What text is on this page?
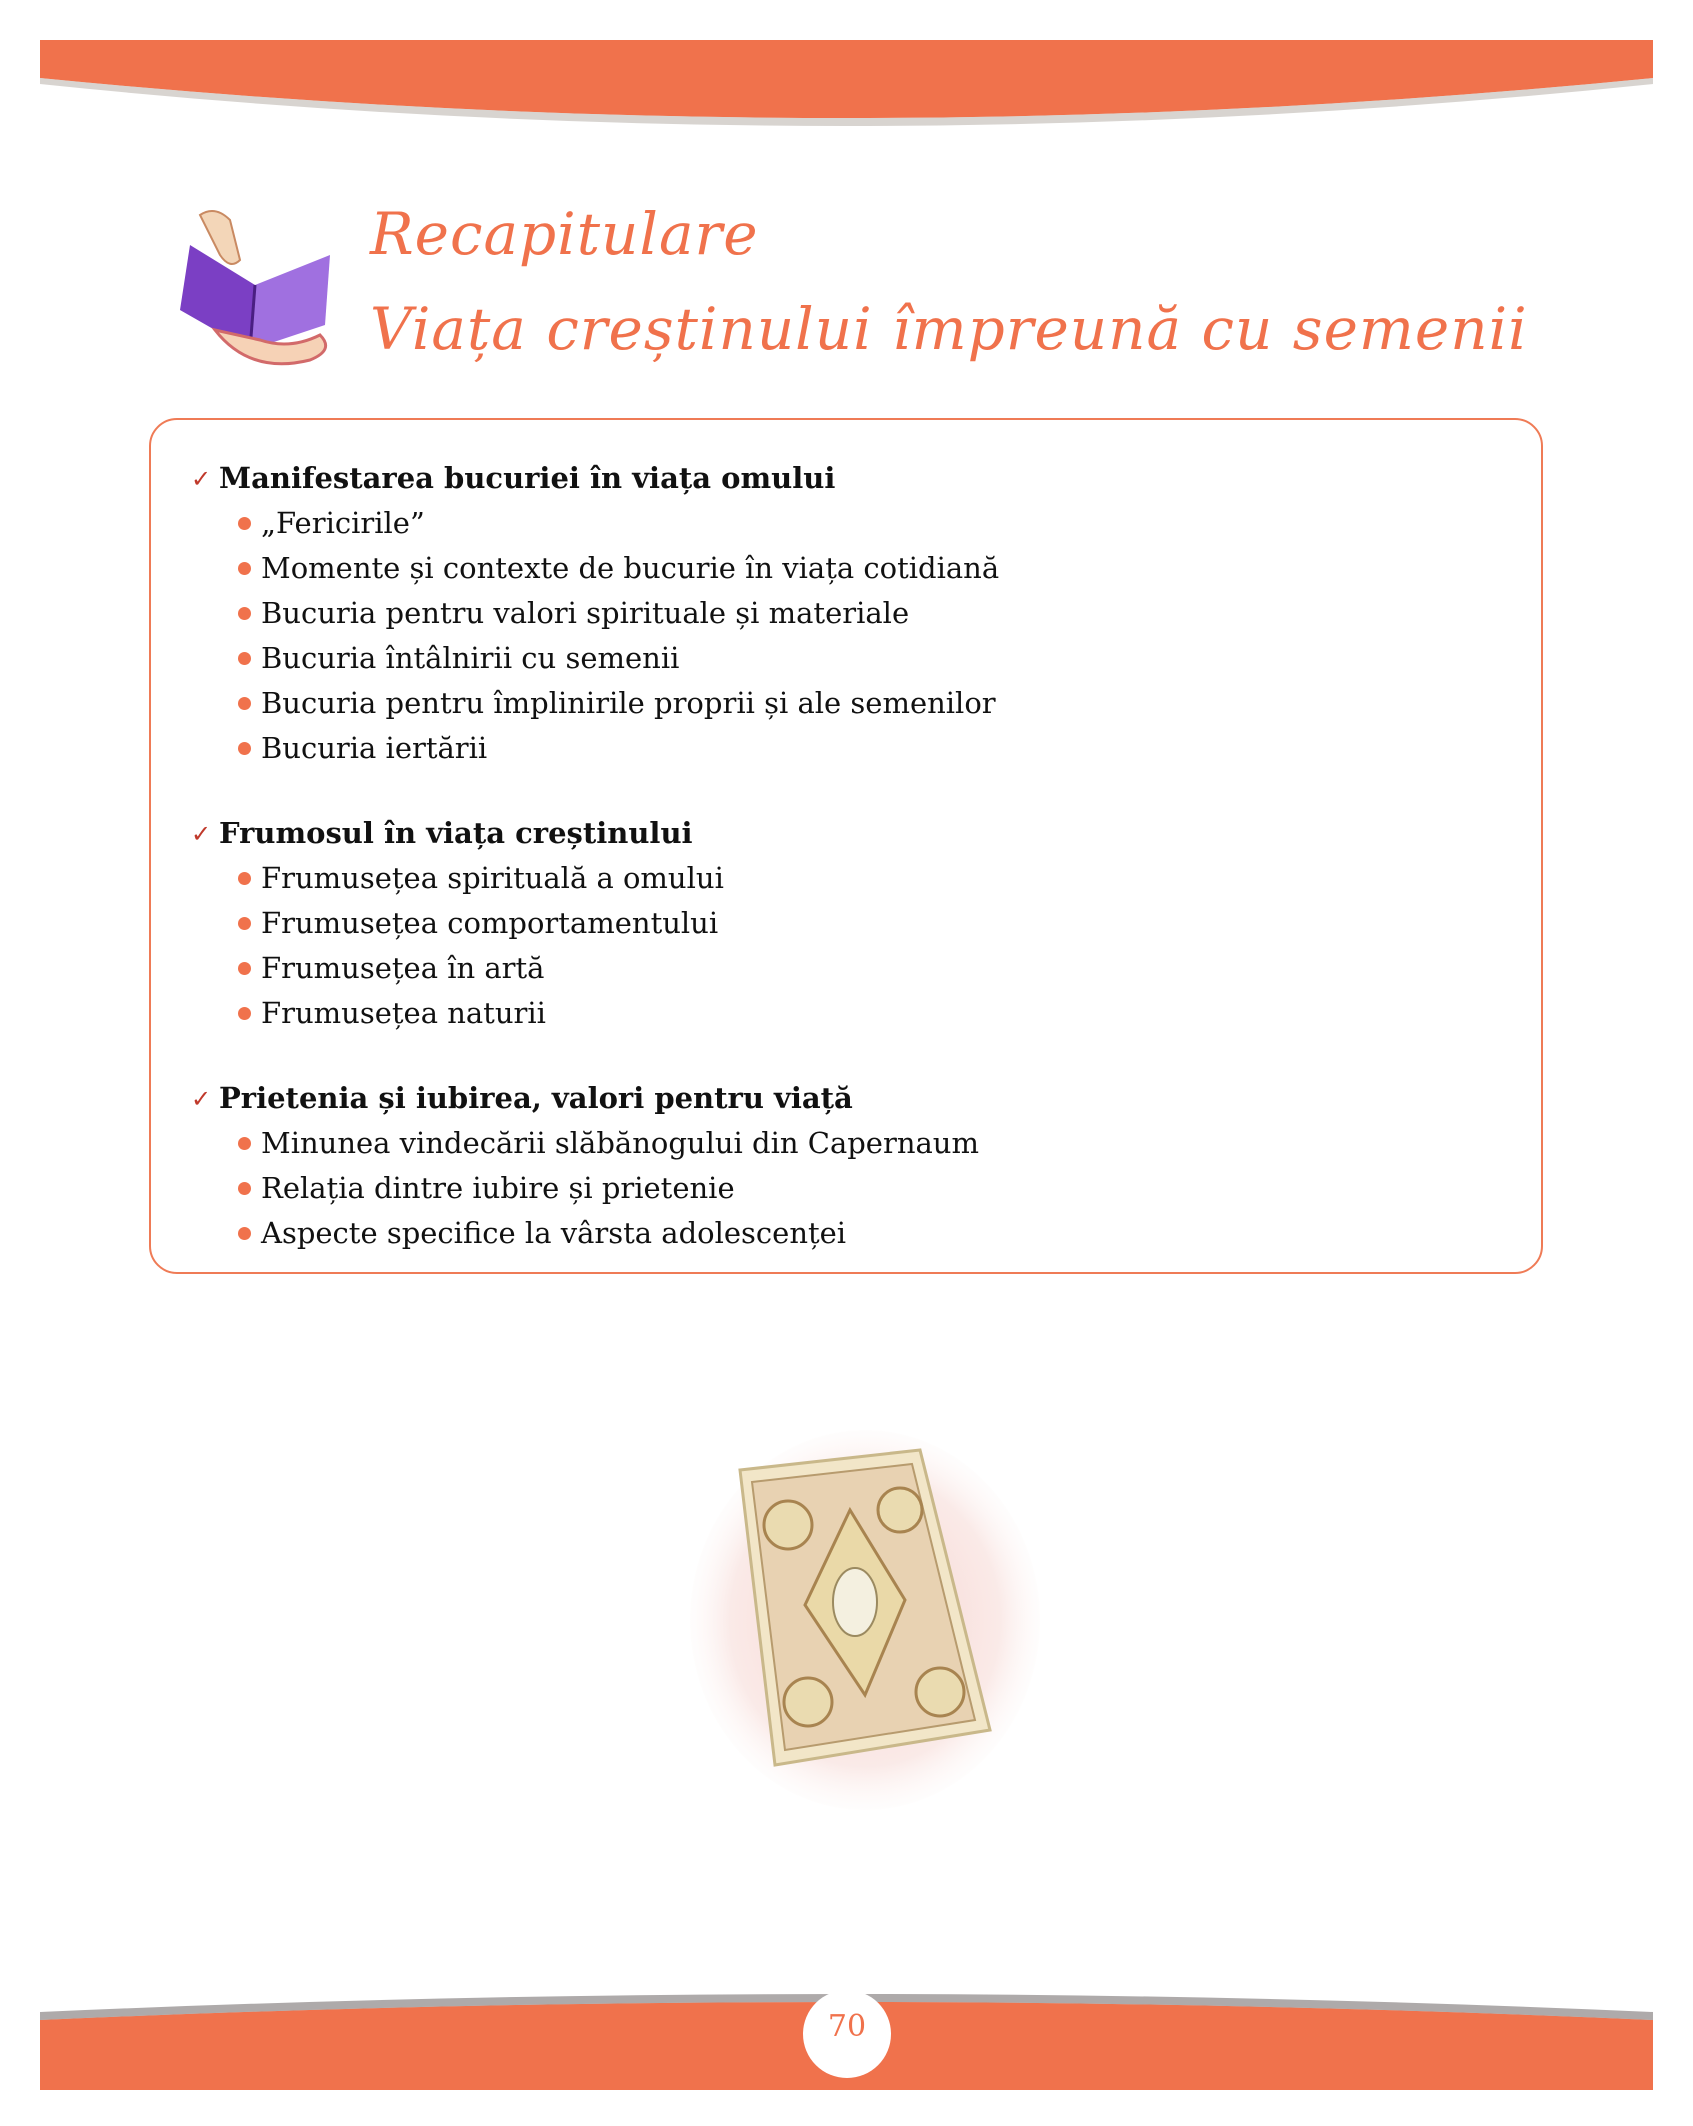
Recapitulare
Viața creștinului împreună cu semenii
✓ Manifestarea bucuriei în viața omului
„Fericirile”
Momente și contexte de bucurie în viața cotidiană
Bucuria pentru valori spirituale și materiale
Bucuria întâlnirii cu semenii
Bucuria pentru împlinirile proprii și ale semenilor
Bucuria iertării
✓ Frumosul în viața creștinului
Frumusețea spirituală a omului
Frumusețea comportamentului
Frumusețea în artă
Frumusețea naturii
✓ Prietenia și iubirea, valori pentru viață
Minunea vindecării slăbănogului din Capernaum
Relația dintre iubire și prietenie
Aspecte specifice la vârsta adolescenței
70
